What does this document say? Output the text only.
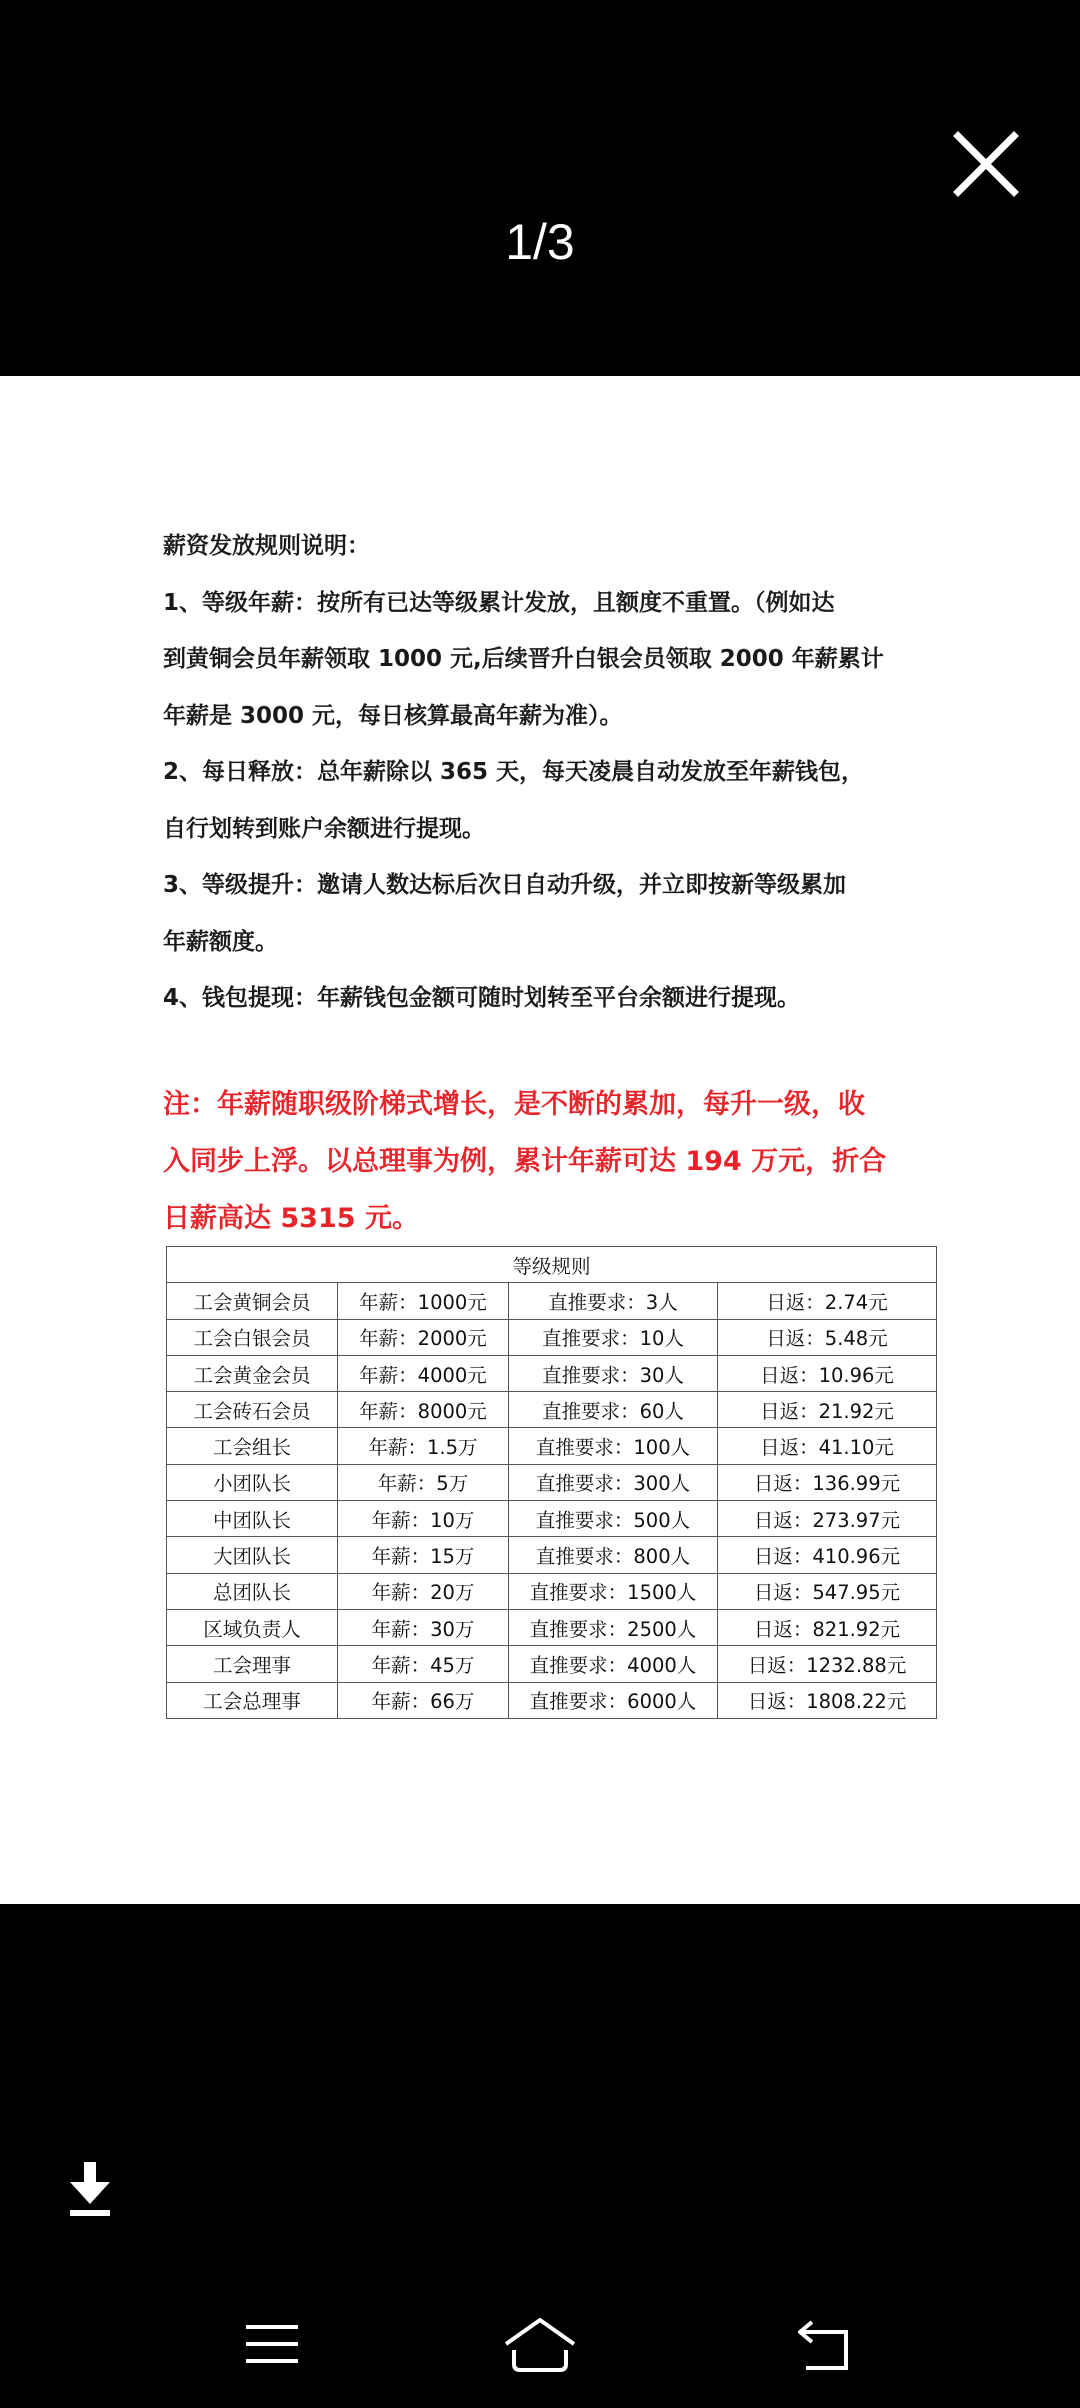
1/3

薪资发放规则说明：

1、等级年薪：按所有已达等级累计发放，且额度不重置。（例如达

到黄铜会员年薪领取 1000 元,后续晋升白银会员领取 2000 年薪累计

年薪是 3000 元，每日核算最高年薪为准）。

2、每日释放：总年薪除以 365 天，每天凌晨自动发放至年薪钱包，

自行划转到账户余额进行提现。

3、等级提升：邀请人数达标后次日自动升级，并立即按新等级累加

年薪额度。

4、钱包提现：年薪钱包金额可随时划转至平台余额进行提现。

注：年薪随职级阶梯式增长，是不断的累加，每升一级，收
入同步上浮。以总理事为例，累计年薪可达 194 万元，折合
日薪高达 5315 元。
等级规则			
工会黄铜会员	年薪：1000元	直推要求：3人	日返：2.74元
工会白银会员	年薪：2000元	直推要求：10人	日返：5.48元
工会黄金会员	年薪：4000元	直推要求：30人	日返：10.96元
工会砖石会员	年薪：8000元	直推要求：60人	日返：21.92元
工会组长	年薪：1.5万	直推要求：100人	日返：41.10元
小团队长	年薪：5万	直推要求：300人	日返：136.99元
中团队长	年薪：10万	直推要求：500人	日返：273.97元
大团队长	年薪：15万	直推要求：800人	日返：410.96元
总团队长	年薪：20万	直推要求：1500人	日返：547.95元
区域负责人	年薪：30万	直推要求：2500人	日返：821.92元
工会理事	年薪：45万	直推要求：4000人	日返：1232.88元
工会总理事	年薪：66万	直推要求：6000人	日返：1808.22元
